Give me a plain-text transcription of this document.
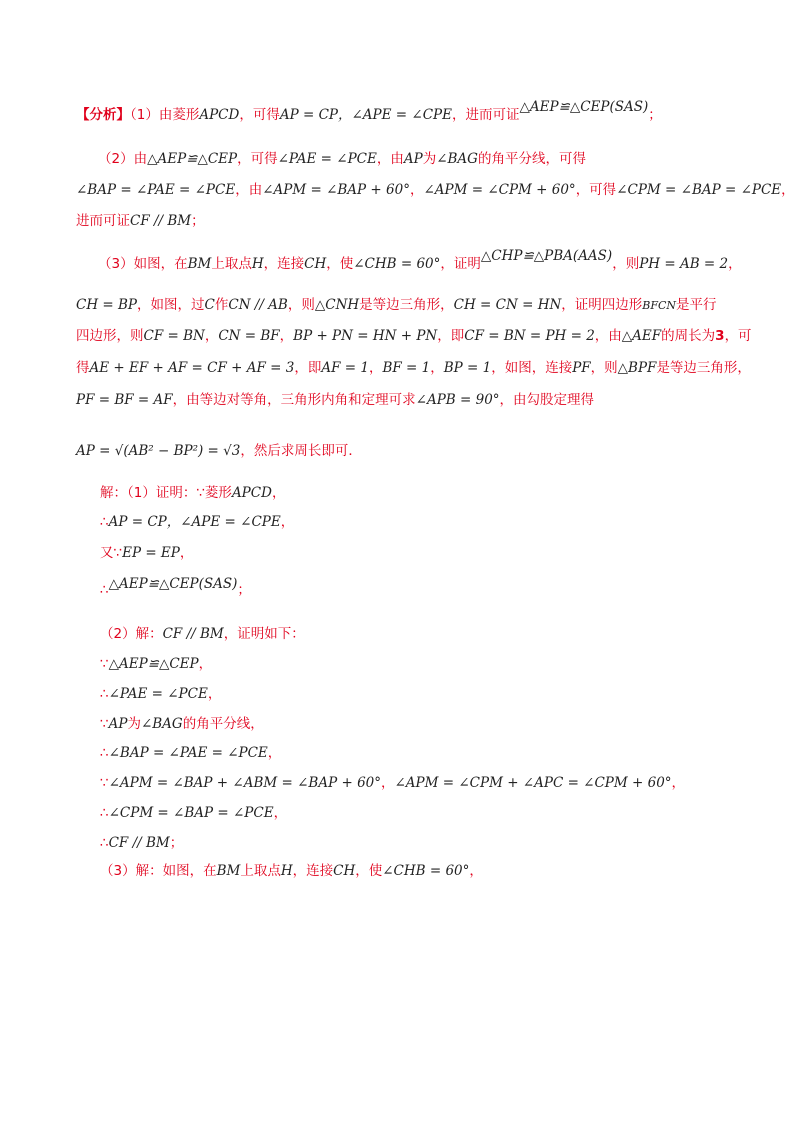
【分析】（1）由菱形APCD，可得AP = CP，∠APE = ∠CPE，进而可证△AEP≌△CEP(SAS)；
（2）由△AEP≌△CEP，可得∠PAE = ∠PCE，由AP为∠BAG的角平分线，可得
∠BAP = ∠PAE = ∠PCE，由∠APM = ∠BAP + 60°，∠APM = ∠CPM + 60°，可得∠CPM = ∠BAP = ∠PCE，
进而可证CF // BM；
（3）如图，在BM上取点H，连接CH，使∠CHB = 60°，证明△CHP≌△PBA(AAS)，则PH = AB = 2，
CH = BP，如图，过C作CN // AB，则△CNH是等边三角形，CH = CN = HN，证明四边形BFCN是平行
四边形，则CF = BN，CN = BF，BP + PN = HN + PN，即CF = BN = PH = 2，由△AEF的周长为3，可
得AE + EF + AF = CF + AF = 3，即AF = 1，BF = 1，BP = 1，如图，连接PF，则△BPF是等边三角形，
PF = BF = AF，由等边对等角，三角形内角和定理可求∠APB = 90°，由勾股定理得
AP = √(AB² − BP²) = √3，然后求周长即可．
解：（1）证明：∵菱形APCD，
∴AP = CP，∠APE = ∠CPE，
又∵EP = EP，
∴△AEP≌△CEP(SAS)；
（2）解：CF // BM，证明如下：
∵△AEP≌△CEP，
∴∠PAE = ∠PCE，
∵AP为∠BAG的角平分线，
∴∠BAP = ∠PAE = ∠PCE，
∵∠APM = ∠BAP + ∠ABM = ∠BAP + 60°，∠APM = ∠CPM + ∠APC = ∠CPM + 60°，
∴∠CPM = ∠BAP = ∠PCE，
∴CF // BM；
（3）解：如图，在BM上取点H，连接CH，使∠CHB = 60°，
